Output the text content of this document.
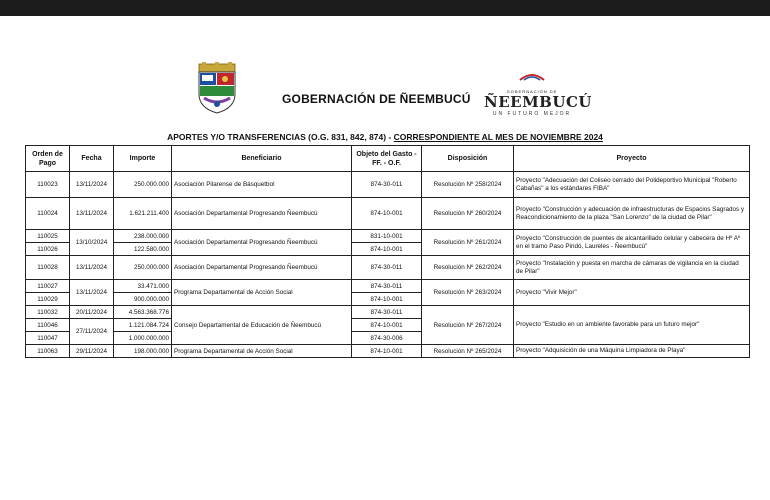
GOBERNACIÓN DE ÑEEMBUCÚ
GOBERNACIÓN DE
ÑEEMBUCÚ
UN FUTURO MEJOR
APORTES Y/O TRANSFERENCIAS (O.G. 831, 842, 874) - CORRESPONDIENTE AL MES DE NOVIEMBRE 2024
Orden de Pago	Fecha	Importe	Beneficiario	Objeto del Gasto - FF. - O.F.	Disposición	Proyecto
110023	13/11/2024	250.000.000	Asociación Pilarense de Básquetbol	874-30-011	Resolución Nº 258/2024	Proyecto "Adecuación del Coliseo cerrado del Polideportivo Municipal "Roberto Cabañas" a los estándares FIBA"
110024	13/11/2024	1.621.211.400	Asociación Departamental Progresando Ñeembucú	874-10-001	Resolución Nº 260/2024	Proyecto "Construcción y adecuación de infraestructuras de Espacios Sagrados y Reacondicionamiento de la plaza "San Lorenzo" de la ciudad de Pilar"
110025	13/10/2024	238.000.000	Asociación Departamental Progresando Ñeembucú	831-10-001	Resolución Nº 261/2024	Proyecto "Construcción de puentes de alcantarillado celular y cabecera de Hº Aº en el tramo Paso Pindó, Laureles - Ñeembucú"
110026		122.580.000		874-10-001		
110028	13/11/2024	250.000.000	Asociación Departamental Progresando Ñeembucú	874-30-011	Resolución Nº 262/2024	Proyecto "Instalación y puesta en marcha de cámaras de vigilancia en la ciudad de Pilar"
110027	13/11/2024	33.471.000	Programa Departamental de Acción Social	874-30-011	Resolución Nº 263/2024	Proyecto "Vivir Mejor"
110029		900.000.000		874-10-001		
110032	20/11/2024	4.563.368.776	Consejo Departamental de Educación de Ñeembucú	874-30-011	Resolución Nº 267/2024	Proyecto "Estudio en un ambiente favorable para un futuro mejor"
110046	27/11/2024	1.121.084.724		874-10-001		
110047		1.000.000.000		874-30-006		
110063	29/11/2024	198.000.000	Programa Departamental de Acción Social	874-10-001	Resolución Nº 265/2024	Proyecto "Adquisición de una Máquina Limpiadora de Playa"
